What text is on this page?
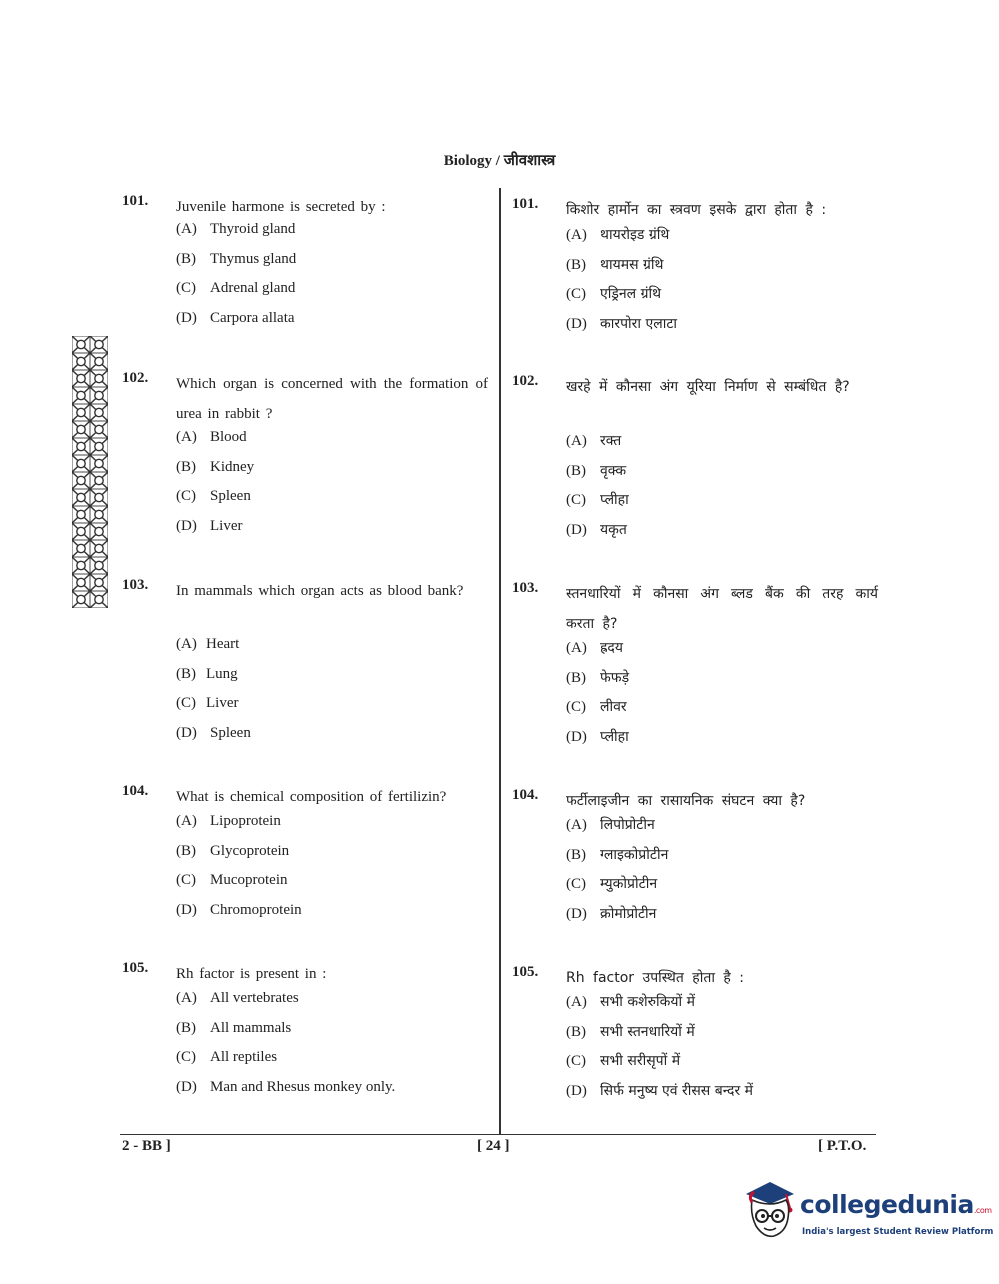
Biology / जीवशास्त्र
101. Juvenile harmone is secreted by :
(A) Thyroid gland
(B) Thymus gland
(C) Adrenal gland
(D) Carpora allata
102. Which organ is concerned with the formation of urea in rabbit ?
(A) Blood
(B) Kidney
(C) Spleen
(D) Liver
103. In mammals which organ acts as blood bank?
(A) Heart
(B) Lung
(C) Liver
(D) Spleen
104. What is chemical composition of fertilizin?
(A) Lipoprotein
(B) Glycoprotein
(C) Mucoprotein
(D) Chromoprotein
105. Rh factor is present in :
(A) All vertebrates
(B) All mammals
(C) All reptiles
(D) Man and Rhesus monkey only.
101. किशोर हार्मोन का स्त्रवण इसके द्वारा होता है :
(A) थायरोइड ग्रंथि
(B) थायमस ग्रंथि
(C) एड्रिनल ग्रंथि
(D) कारपोरा एलाटा
102. खरहे में कौनसा अंग यूरिया निर्माण से सम्बंधित है?
(A) रक्त
(B) वृक्क
(C) प्लीहा
(D) यकृत
103. स्तनधारियों में कौनसा अंग ब्लड बैंक की तरह कार्य करता है?
(A) ह्रदय
(B) फेफड़े
(C) लीवर
(D) प्लीहा
104. फर्टीलाइजीन का रासायनिक संघटन क्या है?
(A) लिपोप्रोटीन
(B) ग्लाइकोप्रोटीन
(C) म्युकोप्रोटीन
(D) क्रोमोप्रोटीन
105. Rh factor उपस्थित होता है :
(A) सभी कशेरुकियों में
(B) सभी स्तनधारियों में
(C) सभी सरीसृपों में
(D) सिर्फ मनुष्य एवं रीसस बन्दर में
2 - BB ]	[ 24 ]	[ P.T.O.
collegedunia.com
India's largest Student Review Platform
